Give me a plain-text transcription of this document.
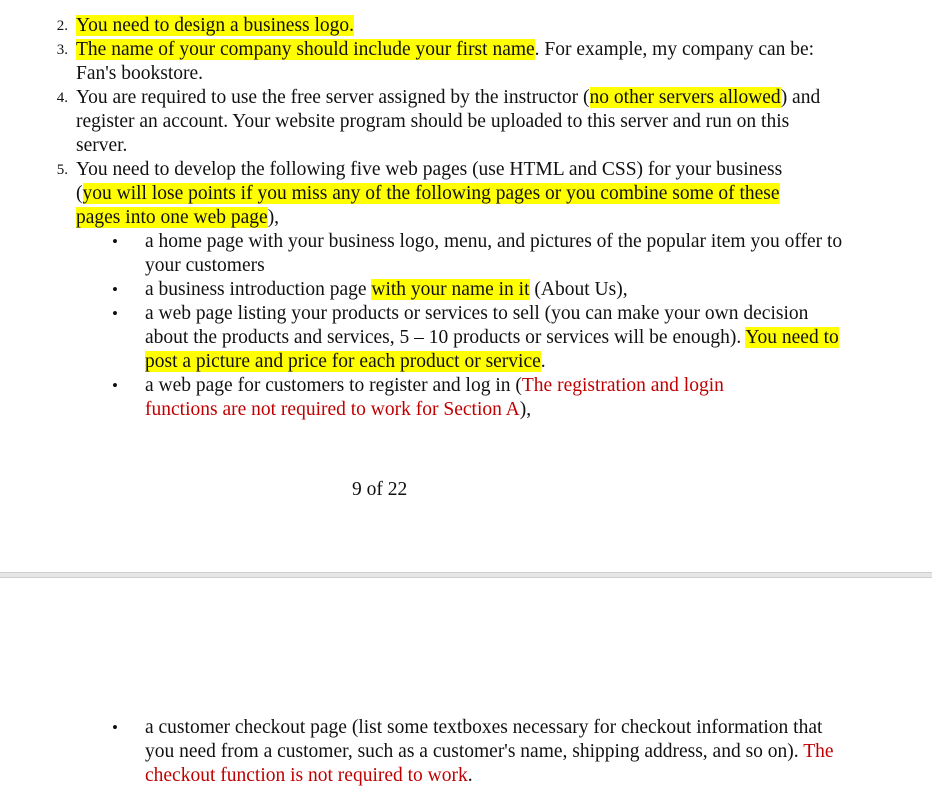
2. You need to design a business logo.
3. The name of your company should include your first name. For example, my company can be: Fan's bookstore.
4. You are required to use the free server assigned by the instructor (no other servers allowed) and register an account. Your website program should be uploaded to this server and run on this server.
5. You need to develop the following five web pages (use HTML and CSS) for your business (you will lose points if you miss any of the following pages or you combine some of these pages into one web page),
• a home page with your business logo, menu, and pictures of the popular item you offer to your customers
• a business introduction page with your name in it (About Us),
• a web page listing your products or services to sell (you can make your own decision about the products and services, 5 – 10 products or services will be enough). You need to post a picture and price for each product or service.
• a web page for customers to register and log in (The registration and login functions are not required to work for Section A),
9 of 22
• a customer checkout page (list some textboxes necessary for checkout information that you need from a customer, such as a customer's name, shipping address, and so on). The checkout function is not required to work.
